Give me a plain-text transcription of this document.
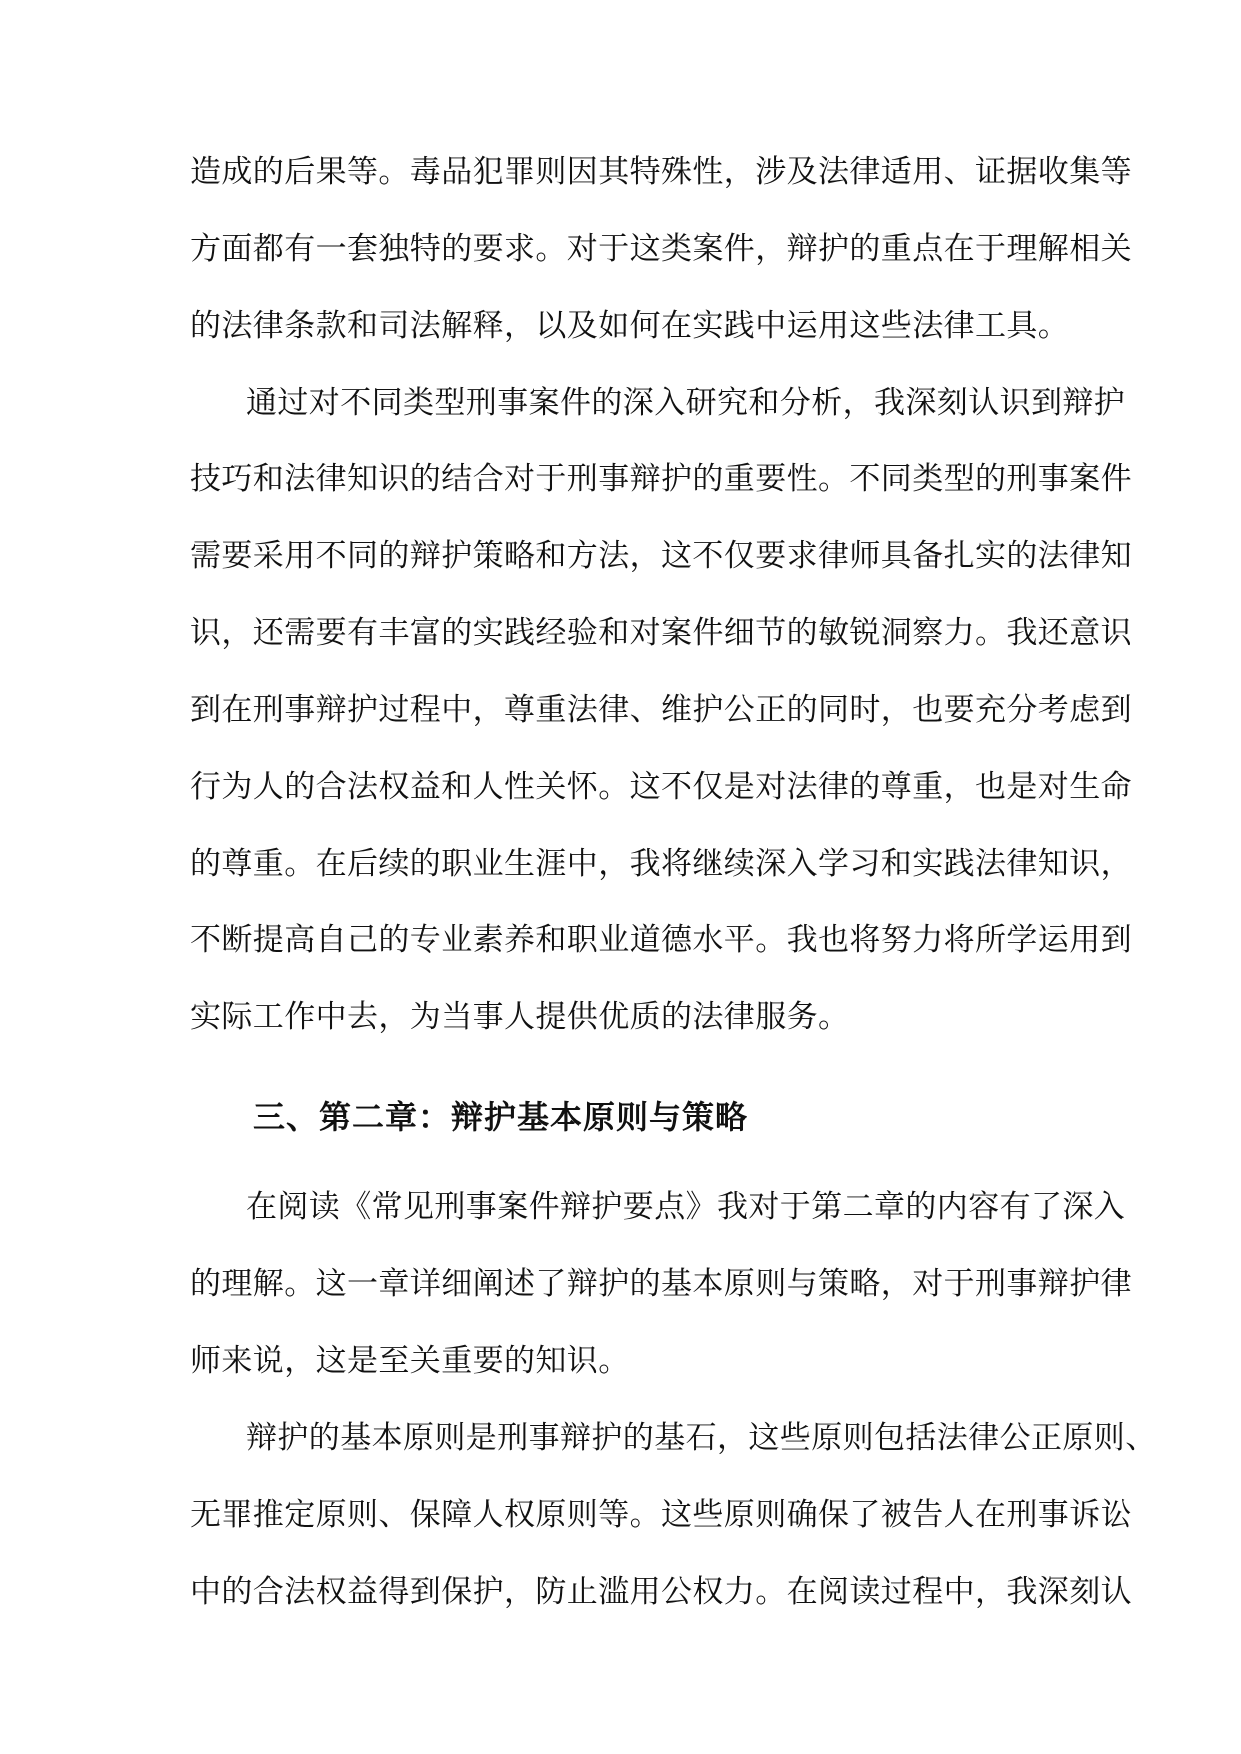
造成的后果等。毒品犯罪则因其特殊性，涉及法律适用、证据收集等
方面都有一套独特的要求。对于这类案件，辩护的重点在于理解相关
的法律条款和司法解释，以及如何在实践中运用这些法律工具。
通过对不同类型刑事案件的深入研究和分析，我深刻认识到辩护
技巧和法律知识的结合对于刑事辩护的重要性。不同类型的刑事案件
需要采用不同的辩护策略和方法，这不仅要求律师具备扎实的法律知
识，还需要有丰富的实践经验和对案件细节的敏锐洞察力。我还意识
到在刑事辩护过程中，尊重法律、维护公正的同时，也要充分考虑到
行为人的合法权益和人性关怀。这不仅是对法律的尊重，也是对生命
的尊重。在后续的职业生涯中，我将继续深入学习和实践法律知识，
不断提高自己的专业素养和职业道德水平。我也将努力将所学运用到
实际工作中去，为当事人提供优质的法律服务。
三、第二章：辩护基本原则与策略
在阅读《常见刑事案件辩护要点》我对于第二章的内容有了深入
的理解。这一章详细阐述了辩护的基本原则与策略，对于刑事辩护律
师来说，这是至关重要的知识。
辩护的基本原则是刑事辩护的基石，这些原则包括法律公正原则、
无罪推定原则、保障人权原则等。这些原则确保了被告人在刑事诉讼
中的合法权益得到保护，防止滥用公权力。在阅读过程中，我深刻认
